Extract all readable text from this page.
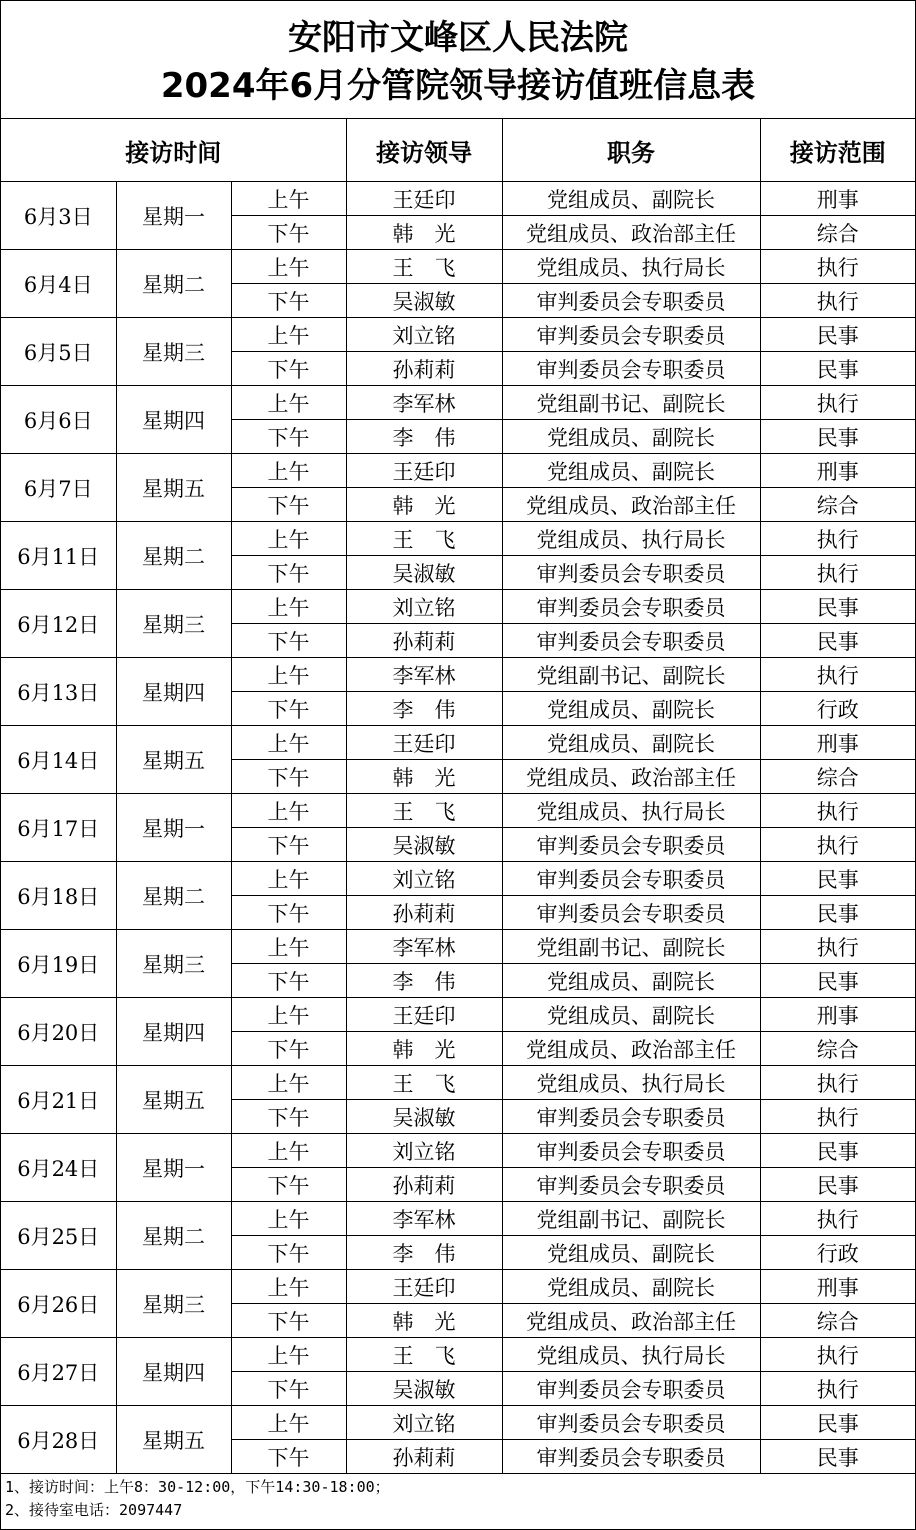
安阳市文峰区人民法院
2024年6月分管院领导接访值班信息表
接访时间			接访领导	职务	接访范围
6月3日	星期一	上午	王廷印	党组成员、副院长	刑事
		下午	韩　光	党组成员、政治部主任	综合
6月4日	星期二	上午	王　飞	党组成员、执行局长	执行
		下午	吴淑敏	审判委员会专职委员	执行
6月5日	星期三	上午	刘立铭	审判委员会专职委员	民事
		下午	孙莉莉	审判委员会专职委员	民事
6月6日	星期四	上午	李军林	党组副书记、副院长	执行
		下午	李　伟	党组成员、副院长	民事
6月7日	星期五	上午	王廷印	党组成员、副院长	刑事
		下午	韩　光	党组成员、政治部主任	综合
6月11日	星期二	上午	王　飞	党组成员、执行局长	执行
		下午	吴淑敏	审判委员会专职委员	执行
6月12日	星期三	上午	刘立铭	审判委员会专职委员	民事
		下午	孙莉莉	审判委员会专职委员	民事
6月13日	星期四	上午	李军林	党组副书记、副院长	执行
		下午	李　伟	党组成员、副院长	行政
6月14日	星期五	上午	王廷印	党组成员、副院长	刑事
		下午	韩　光	党组成员、政治部主任	综合
6月17日	星期一	上午	王　飞	党组成员、执行局长	执行
		下午	吴淑敏	审判委员会专职委员	执行
6月18日	星期二	上午	刘立铭	审判委员会专职委员	民事
		下午	孙莉莉	审判委员会专职委员	民事
6月19日	星期三	上午	李军林	党组副书记、副院长	执行
		下午	李　伟	党组成员、副院长	民事
6月20日	星期四	上午	王廷印	党组成员、副院长	刑事
		下午	韩　光	党组成员、政治部主任	综合
6月21日	星期五	上午	王　飞	党组成员、执行局长	执行
		下午	吴淑敏	审判委员会专职委员	执行
6月24日	星期一	上午	刘立铭	审判委员会专职委员	民事
		下午	孙莉莉	审判委员会专职委员	民事
6月25日	星期二	上午	李军林	党组副书记、副院长	执行
		下午	李　伟	党组成员、副院长	行政
6月26日	星期三	上午	王廷印	党组成员、副院长	刑事
		下午	韩　光	党组成员、政治部主任	综合
6月27日	星期四	上午	王　飞	党组成员、执行局长	执行
		下午	吴淑敏	审判委员会专职委员	执行
6月28日	星期五	上午	刘立铭	审判委员会专职委员	民事
		下午	孙莉莉	审判委员会专职委员	民事
1、接访时间：上午8：30-12:00，下午14:30-18:00；
2、接待室电话：2097447
